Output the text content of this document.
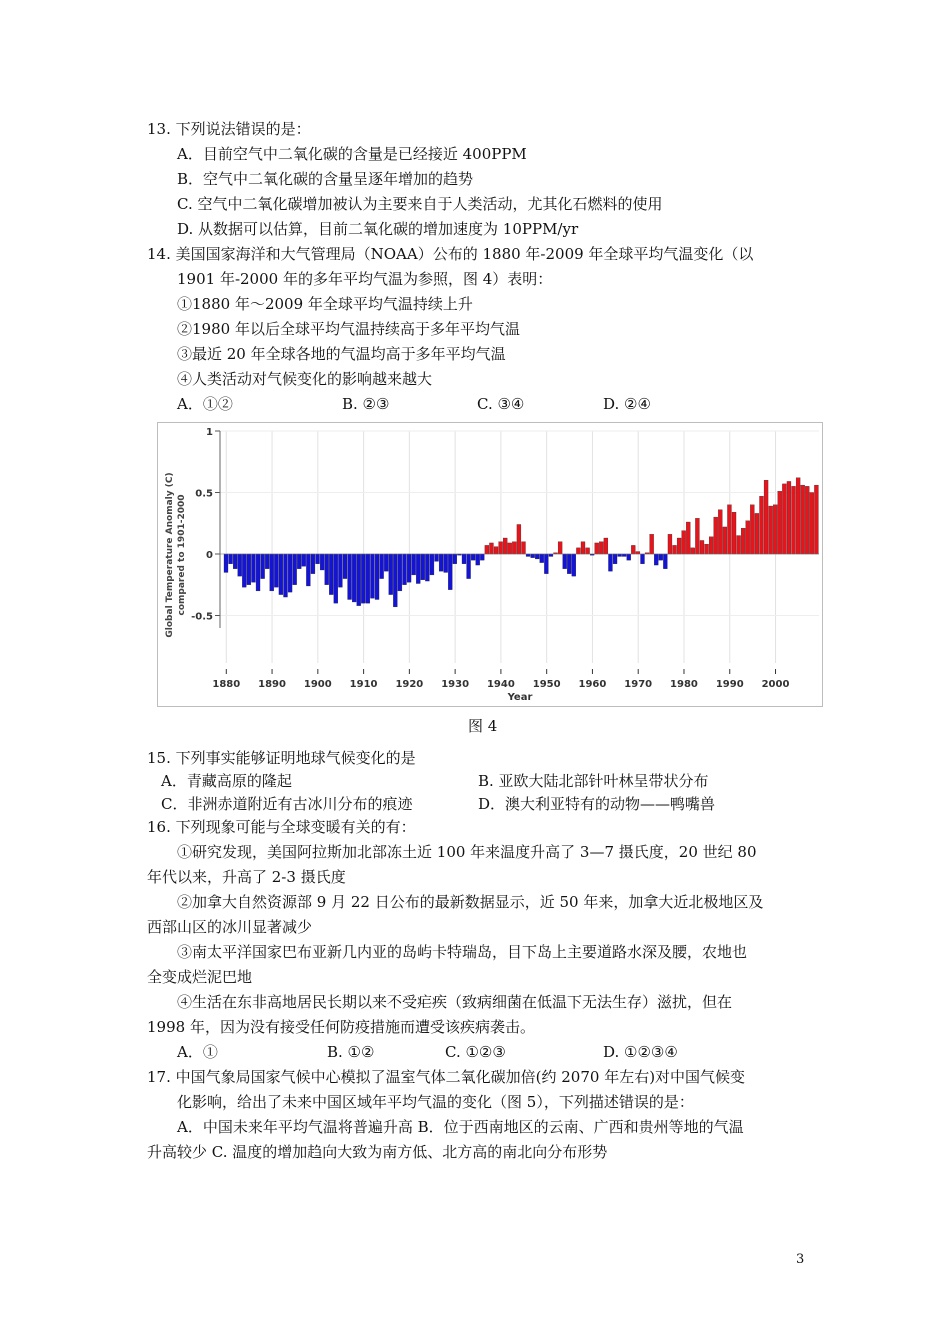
13. 下列说法错误的是：
A．目前空气中二氧化碳的含量是已经接近 400PPM
B．空气中二氧化碳的含量呈逐年增加的趋势
C. 空气中二氧化碳增加被认为主要来自于人类活动，尤其化石燃料的使用
D. 从数据可以估算，目前二氧化碳的增加速度为 10PPM/yr
14. 美国国家海洋和大气管理局（NOAA）公布的 1880 年-2009 年全球平均气温变化（以
1901 年-2000 年的多年平均气温为参照，图 4）表明：
①1880 年～2009 年全球平均气温持续上升
②1980 年以后全球平均气温持续高于多年平均气温
③最近 20 年全球各地的气温均高于多年平均气温
④人类活动对气候变化的影响越来越大
A．①②	B. ②③	C. ③④	D. ②④
Global Temperature Anomaly (C) compared to 1901-2000
1
0.5
0
-0.5
1880 1890 1900 1910 1920 1930 1940 1950 1960 1970 1980 1990 2000
Year
图 4
15. 下列事实能够证明地球气候变化的是
A．青藏高原的隆起	B. 亚欧大陆北部针叶林呈带状分布
C．非洲赤道附近有古冰川分布的痕迹	D．澳大利亚特有的动物——鸭嘴兽
16. 下列现象可能与全球变暖有关的有：
①研究发现，美国阿拉斯加北部冻土近 100 年来温度升高了 3—7 摄氏度，20 世纪 80
年代以来，升高了 2-3 摄氏度
②加拿大自然资源部 9 月 22 日公布的最新数据显示，近 50 年来，加拿大近北极地区及
西部山区的冰川显著减少
③南太平洋国家巴布亚新几内亚的岛屿卡特瑞岛，目下岛上主要道路水深及腰，农地也
全变成烂泥巴地
④生活在东非高地居民长期以来不受疟疾（致病细菌在低温下无法生存）滋扰，但在
1998 年，因为没有接受任何防疫措施而遭受该疾病袭击。
A．①	B. ①②	C. ①②③	D. ①②③④
17. 中国气象局国家气候中心模拟了温室气体二氧化碳加倍(约 2070 年左右)对中国气候变
化影响，给出了未来中国区域年平均气温的变化（图 5），下列描述错误的是：
A．中国未来年平均气温将普遍升高 B．位于西南地区的云南、广西和贵州等地的气温
升高较少 C. 温度的增加趋向大致为南方低、北方高的南北向分布形势
3
